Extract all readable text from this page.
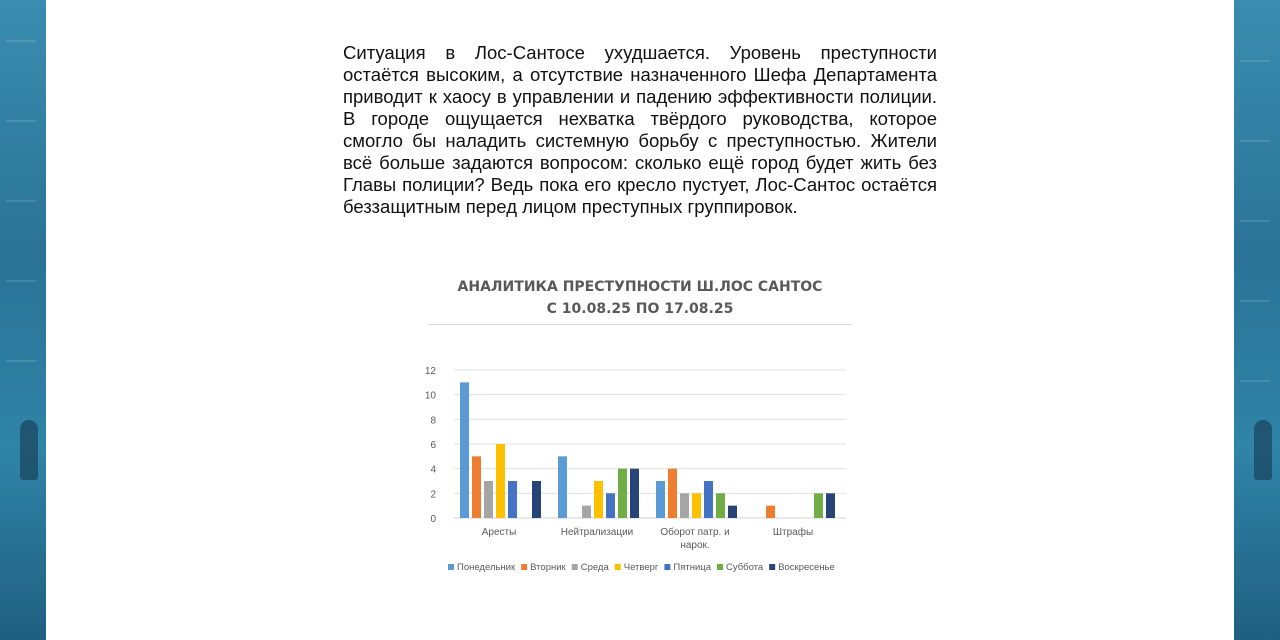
Ситуация в Лос-Сантосе ухудшается. Уровень преступности остаётся высоким, а отсутствие назначенного Шефа Департамента приводит к хаосу в управлении и падению эффективности полиции. В городе ощущается нехватка твёрдого руководства, которое смогло бы наладить системную борьбу с преступностью. Жители всё больше задаются вопросом: сколько ещё город будет жить без Главы полиции? Ведь пока его кресло пустует, Лос-Сантос остаётся беззащитным перед лицом преступных группировок.

АНАЛИТИКА ПРЕСТУПНОСТИ Ш.ЛОС САНТОС
С 10.08.25 ПО 17.08.25
0
2
4
6
8
10
12
Аресты	Нейтрализации	Оборот патр. и
нарок.
Штрафы
Понедельник Вторник Среда Четверг Пятница Суббота Воскресенье
